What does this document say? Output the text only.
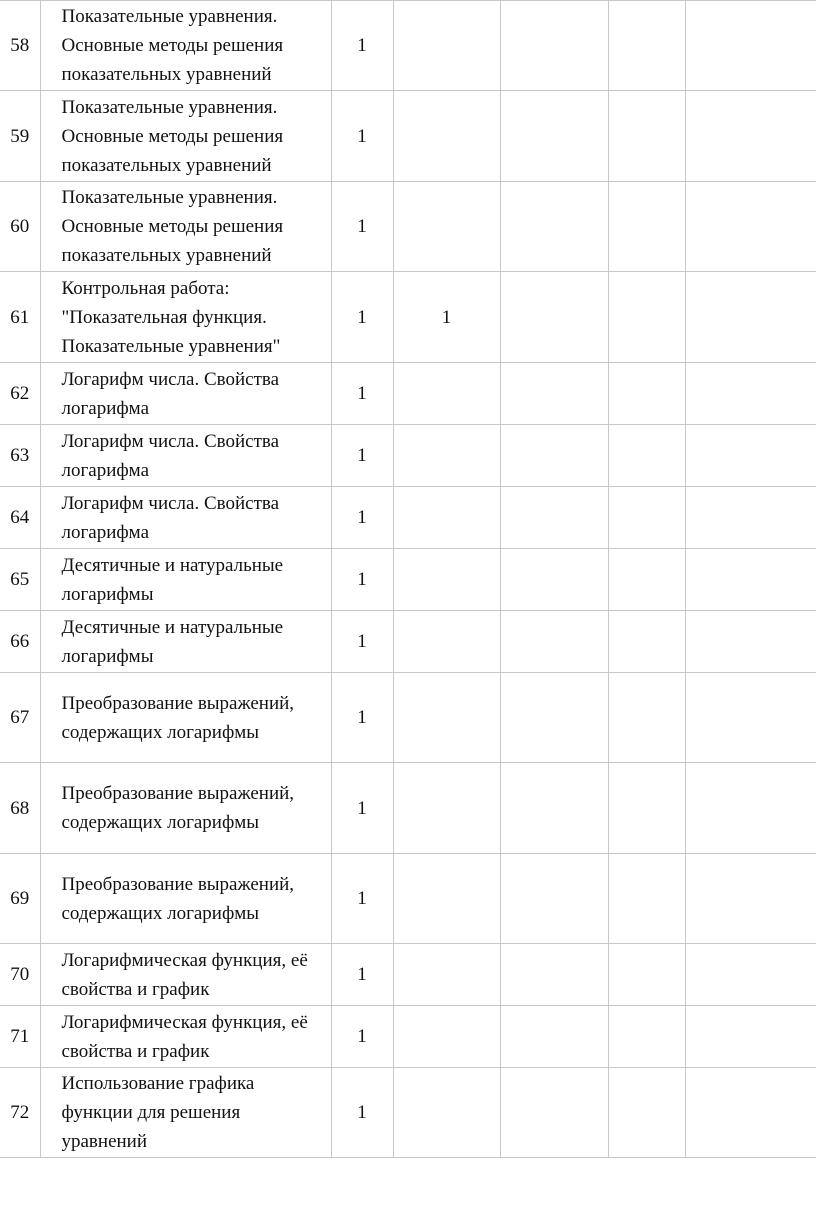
58	Показательные уравнения. Основные методы решения показательных уравнений	1				
59	Показательные уравнения. Основные методы решения показательных уравнений	1				
60	Показательные уравнения. Основные методы решения показательных уравнений	1				
61	Контрольная работа: "Показательная функция. Показательные уравнения"	1	1			
62	Логарифм числа. Свойства логарифма	1				
63	Логарифм числа. Свойства логарифма	1				
64	Логарифм числа. Свойства логарифма	1				
65	Десятичные и натуральные логарифмы	1				
66	Десятичные и натуральные логарифмы	1				
67	Преобразование выражений, содержащих логарифмы	1				
68	Преобразование выражений, содержащих логарифмы	1				
69	Преобразование выражений, содержащих логарифмы	1				
70	Логарифмическая функция, её свойства и график	1				
71	Логарифмическая функция, её свойства и график	1				
72	Использование графика функции для решения уравнений	1				
